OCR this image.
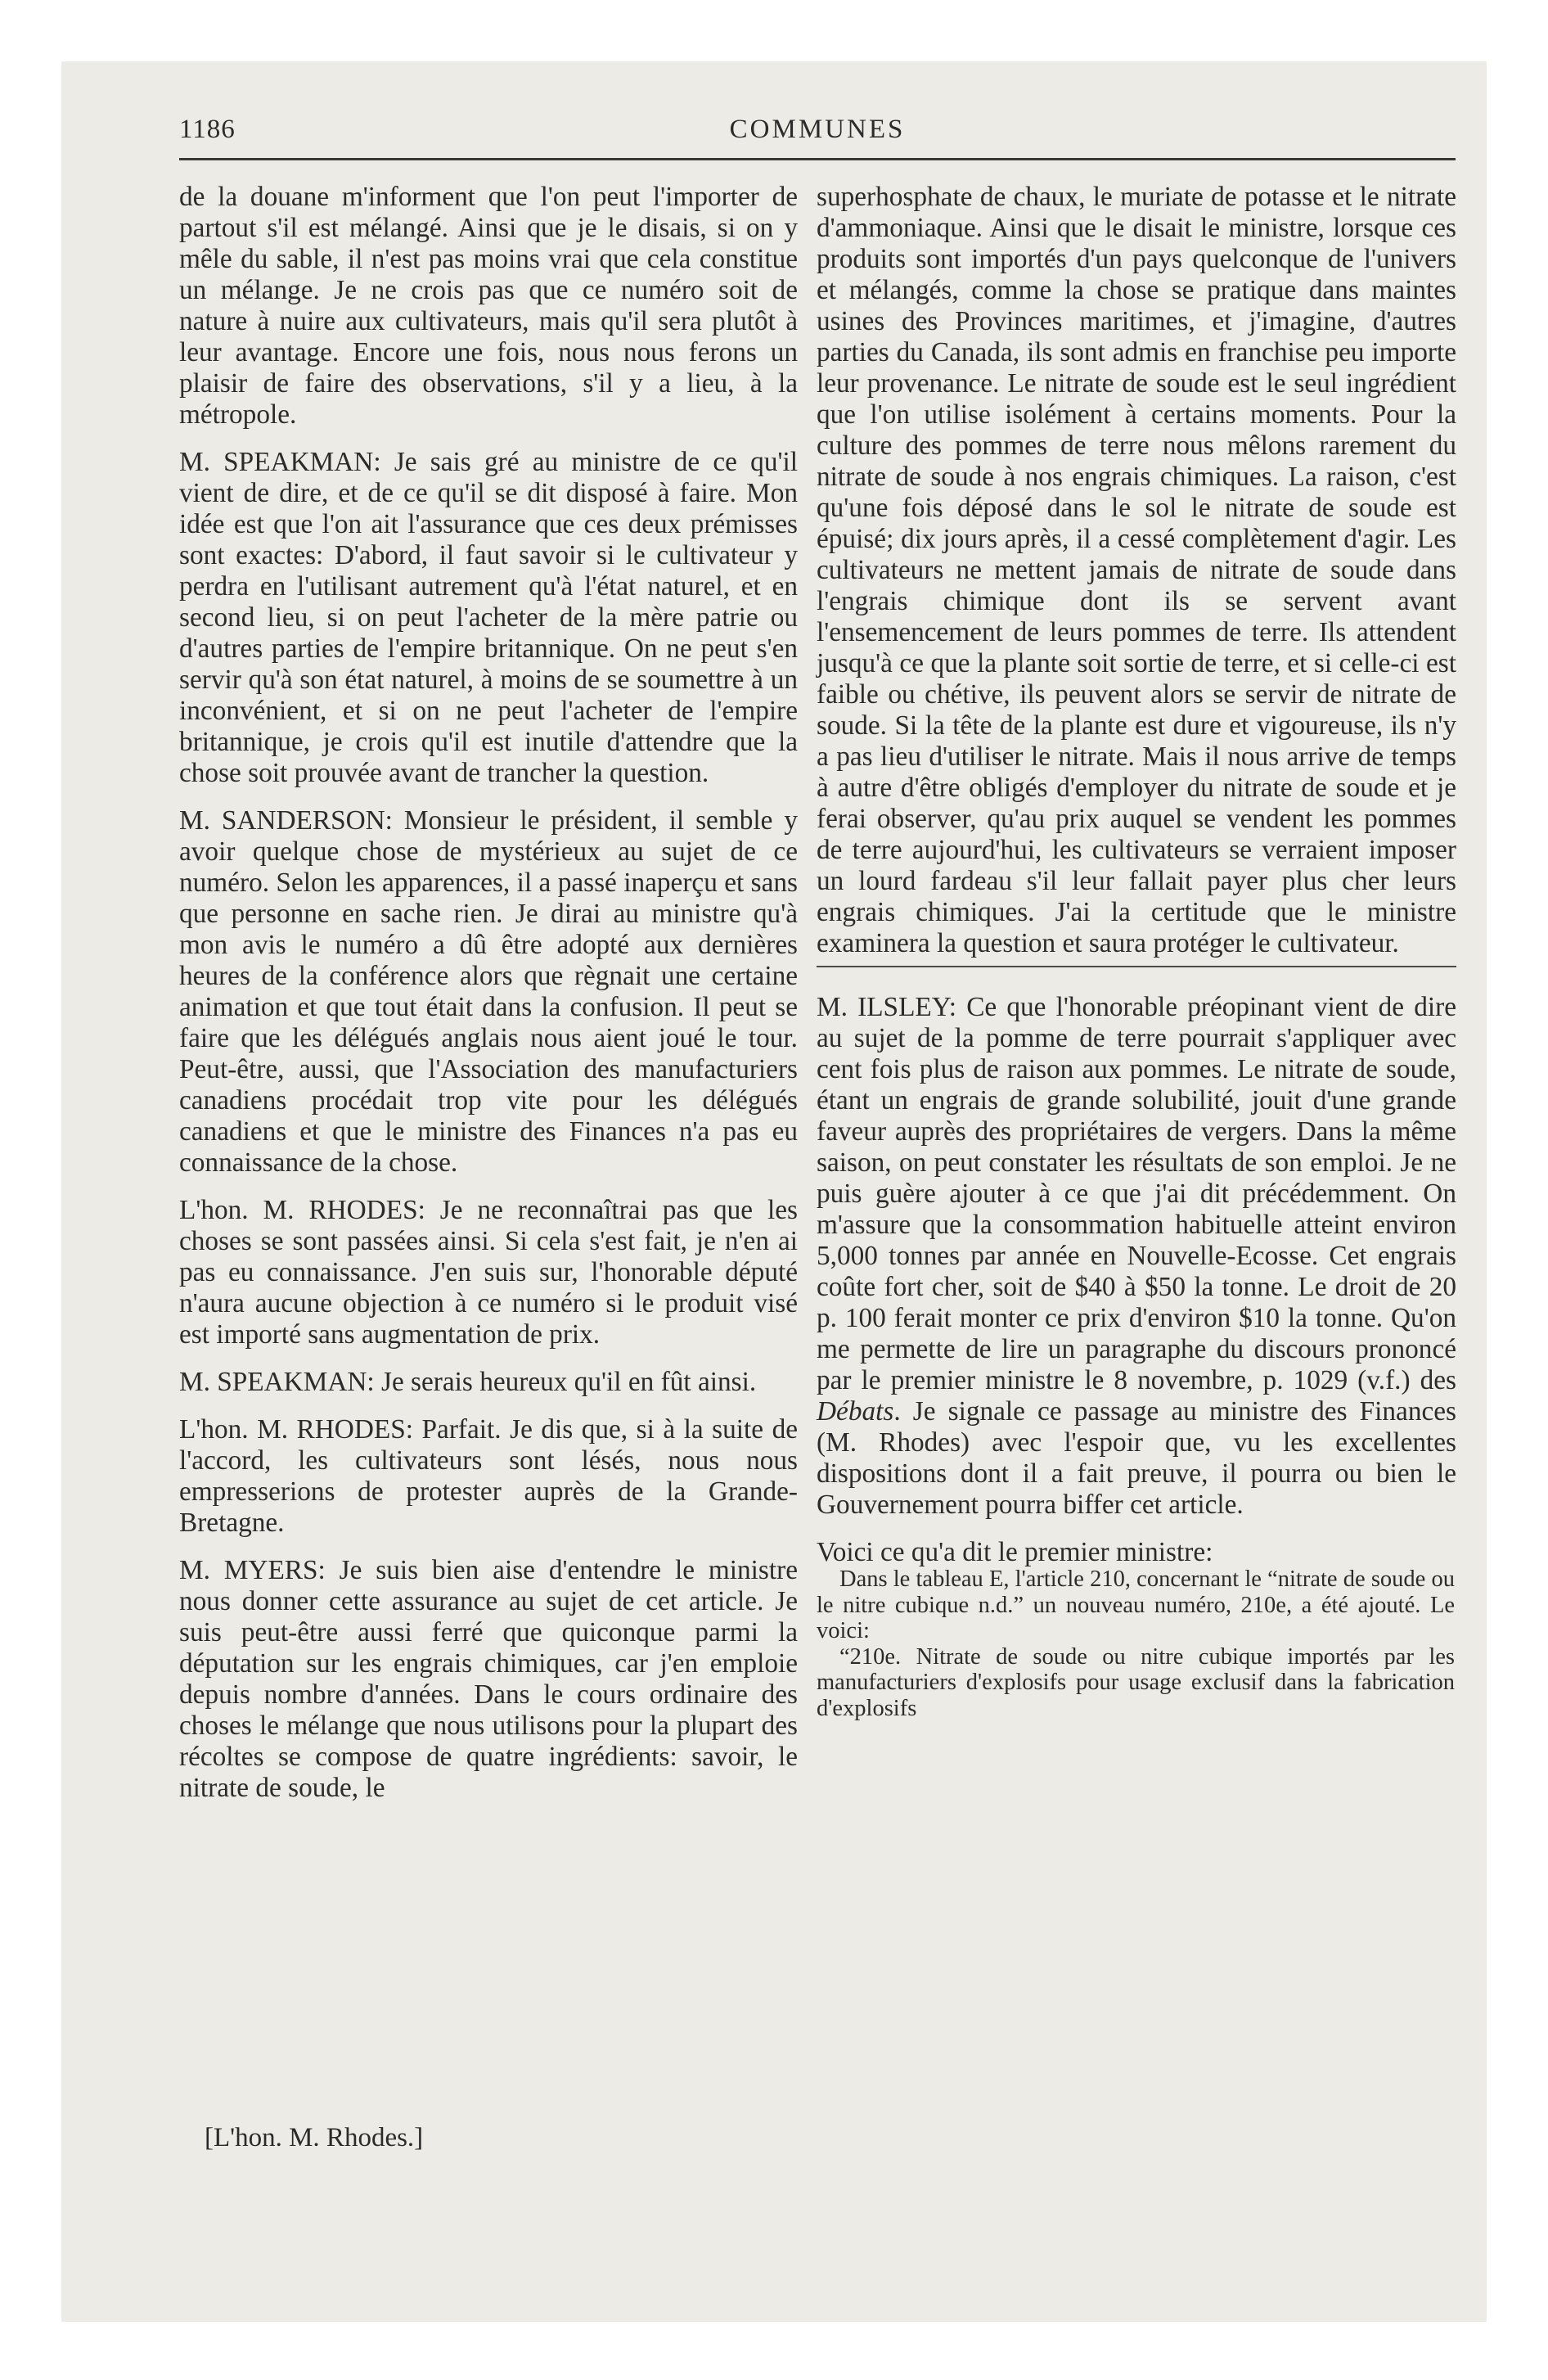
1186	COMMUNES

de la douane m'informent que l'on peut l'importer de partout s'il est mélangé. Ainsi que je le disais, si on y mêle du sable, il n'est pas moins vrai que cela constitue un mélange. Je ne crois pas que ce numéro soit de nature à nuire aux cultivateurs, mais qu'il sera plutôt à leur avantage. Encore une fois, nous nous ferons un plaisir de faire des observations, s'il y a lieu, à la métropole.

M. SPEAKMAN: Je sais gré au ministre de ce qu'il vient de dire, et de ce qu'il se dit disposé à faire. Mon idée est que l'on ait l'assurance que ces deux prémisses sont exactes: D'abord, il faut savoir si le cultivateur y perdra en l'utilisant autrement qu'à l'état naturel, et en second lieu, si on peut l'acheter de la mère patrie ou d'autres parties de l'empire britannique. On ne peut s'en servir qu'à son état naturel, à moins de se soumettre à un inconvénient, et si on ne peut l'acheter de l'empire britannique, je crois qu'il est inutile d'attendre que la chose soit prouvée avant de trancher la question.

M. SANDERSON: Monsieur le président, il semble y avoir quelque chose de mystérieux au sujet de ce numéro. Selon les apparences, il a passé inaperçu et sans que personne en sache rien. Je dirai au ministre qu'à mon avis le numéro a dû être adopté aux dernières heures de la conférence alors que règnait une certaine animation et que tout était dans la confusion. Il peut se faire que les délégués anglais nous aient joué le tour. Peut-être, aussi, que l'Association des manufacturiers canadiens procédait trop vite pour les délégués canadiens et que le ministre des Finances n'a pas eu connaissance de la chose.

L'hon. M. RHODES: Je ne reconnaîtrai pas que les choses se sont passées ainsi. Si cela s'est fait, je n'en ai pas eu connaissance. J'en suis sur, l'honorable député n'aura aucune objection à ce numéro si le produit visé est importé sans augmentation de prix.

M. SPEAKMAN: Je serais heureux qu'il en fût ainsi.

L'hon. M. RHODES: Parfait. Je dis que, si à la suite de l'accord, les cultivateurs sont lésés, nous nous empresserions de protester auprès de la Grande-Bretagne.

M. MYERS: Je suis bien aise d'entendre le ministre nous donner cette assurance au sujet de cet article. Je suis peut-être aussi ferré que quiconque parmi la députation sur les engrais chimiques, car j'en emploie depuis nombre d'années. Dans le cours ordinaire des choses le mélange que nous utilisons pour la plupart des récoltes se compose de quatre ingrédients: savoir, le nitrate de soude, le

superhosphate de chaux, le muriate de potasse et le nitrate d'ammoniaque. Ainsi que le disait le ministre, lorsque ces produits sont importés d'un pays quelconque de l'univers et mélangés, comme la chose se pratique dans maintes usines des Provinces maritimes, et j'imagine, d'autres parties du Canada, ils sont admis en franchise peu importe leur provenance. Le nitrate de soude est le seul ingrédient que l'on utilise isolément à certains moments. Pour la culture des pommes de terre nous mêlons rarement du nitrate de soude à nos engrais chimiques. La raison, c'est qu'une fois déposé dans le sol le nitrate de soude est épuisé; dix jours après, il a cessé complètement d'agir. Les cultivateurs ne mettent jamais de nitrate de soude dans l'engrais chimique dont ils se servent avant l'ensemencement de leurs pommes de terre. Ils attendent jusqu'à ce que la plante soit sortie de terre, et si celle-ci est faible ou chétive, ils peuvent alors se servir de nitrate de soude. Si la tête de la plante est dure et vigoureuse, ils n'y a pas lieu d'utiliser le nitrate. Mais il nous arrive de temps à autre d'être obligés d'employer du nitrate de soude et je ferai observer, qu'au prix auquel se vendent les pommes de terre aujourd'hui, les cultivateurs se verraient imposer un lourd fardeau s'il leur fallait payer plus cher leurs engrais chimiques. J'ai la certitude que le ministre examinera la question et saura protéger le cultivateur.

M. ILSLEY: Ce que l'honorable préopinant vient de dire au sujet de la pomme de terre pourrait s'appliquer avec cent fois plus de raison aux pommes. Le nitrate de soude, étant un engrais de grande solubilité, jouit d'une grande faveur auprès des propriétaires de vergers. Dans la même saison, on peut constater les résultats de son emploi. Je ne puis guère ajouter à ce que j'ai dit précédemment. On m'assure que la consommation habituelle atteint environ 5,000 tonnes par année en Nouvelle-Ecosse. Cet engrais coûte fort cher, soit de $40 à $50 la tonne. Le droit de 20 p. 100 ferait monter ce prix d'environ $10 la tonne. Qu'on me permette de lire un paragraphe du discours prononcé par le premier ministre le 8 novembre, p. 1029 (v.f.) des Débats. Je signale ce passage au ministre des Finances (M. Rhodes) avec l'espoir que, vu les excellentes dispositions dont il a fait preuve, il pourra ou bien le Gouvernement pourra biffer cet article.

Voici ce qu'a dit le premier ministre:

Dans le tableau E, l'article 210, concernant le “nitrate de soude ou le nitre cubique n.d.” un nouveau numéro, 210e, a été ajouté. Le voici:

“210e. Nitrate de soude ou nitre cubique importés par les manufacturiers d'explosifs pour usage exclusif dans la fabrication d'explosifs

[L'hon. M. Rhodes.]
